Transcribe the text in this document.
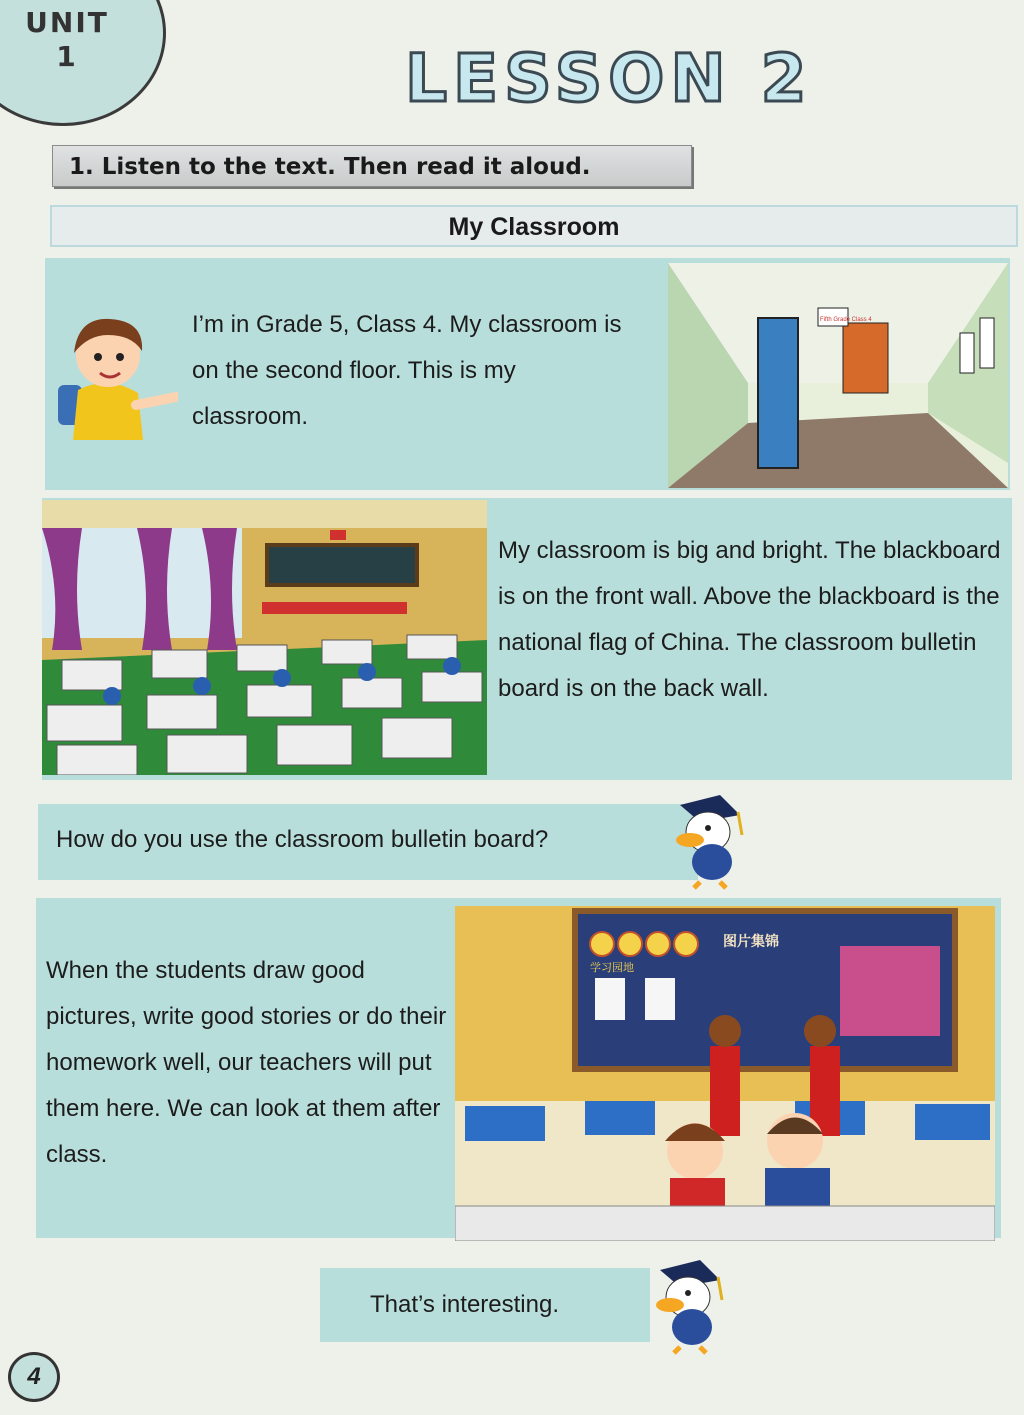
UNIT
1	LESSON 2
1. Listen to the text. Then read it aloud.
My Classroom

I’m in Grade 5, Class 4. My classroom is on the second floor. This is my classroom.

Fifth Grade Class 4

My classroom is big and bright. The blackboard is on the front wall. Above the blackboard is the national flag of China. The classroom bulletin board is on the back wall.

How do you use the classroom bulletin board?

When the students draw good pictures, write good stories or do their homework well, our teachers will put them here. We can look at them after class.

学习园地
图片集锦

That’s interesting.

4
